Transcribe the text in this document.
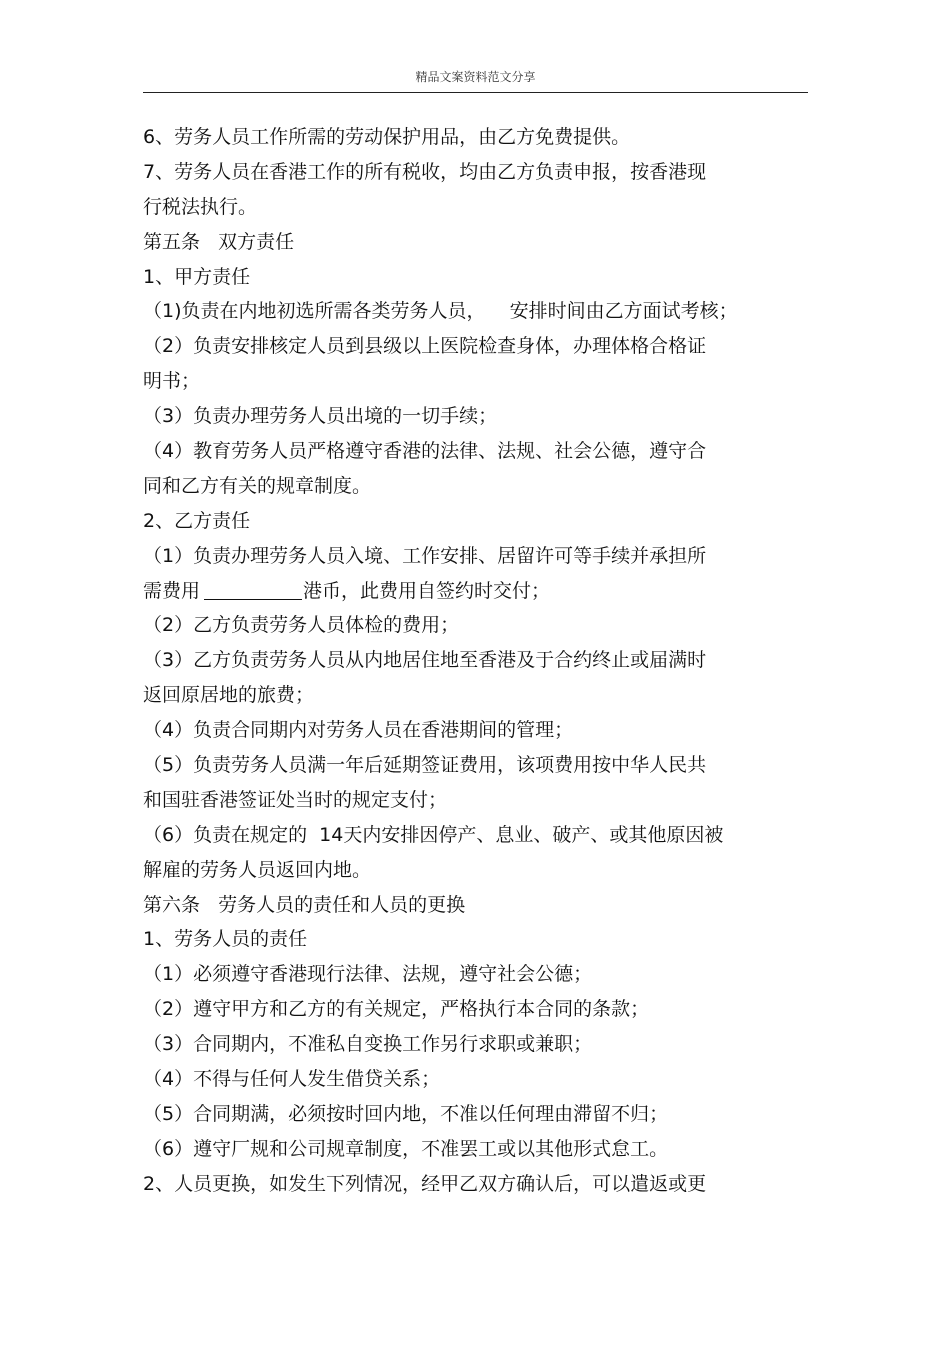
精品文案资料范文分享
6、劳务人员工作所需的劳动保护用品，由乙方免费提供。
7、劳务人员在香港工作的所有税收，均由乙方负责申报，按香港现
行税法执行。
第五条   双方责任
1、甲方责任
（1)负责在内地初选所需各类劳务人员，    安排时间由乙方面试考核；
（2）负责安排核定人员到县级以上医院检查身体，办理体格合格证
明书；
（3）负责办理劳务人员出境的一切手续；
（4）教育劳务人员严格遵守香港的法律、法规、社会公德，遵守合
同和乙方有关的规章制度。
2、乙方责任
（1）负责办理劳务人员入境、工作安排、居留许可等手续并承担所
需费用	港币，此费用自签约时交付；
（2）乙方负责劳务人员体检的费用；
（3）乙方负责劳务人员从内地居住地至香港及于合约终止或届满时
返回原居地的旅费；
（4）负责合同期内对劳务人员在香港期间的管理；
（5）负责劳务人员满一年后延期签证费用，该项费用按中华人民共
和国驻香港签证处当时的规定支付；
（6）负责在规定的  14天内安排因停产、息业、破产、或其他原因被
解雇的劳务人员返回内地。
第六条   劳务人员的责任和人员的更换
1、劳务人员的责任
（1）必须遵守香港现行法律、法规，遵守社会公德；
（2）遵守甲方和乙方的有关规定，严格执行本合同的条款；
（3）合同期内，不准私自变换工作另行求职或兼职；
（4）不得与任何人发生借贷关系；
（5）合同期满，必须按时回内地，不准以任何理由滞留不归；
（6）遵守厂规和公司规章制度，不准罢工或以其他形式怠工。
2、人员更换，如发生下列情况，经甲乙双方确认后，可以遣返或更
